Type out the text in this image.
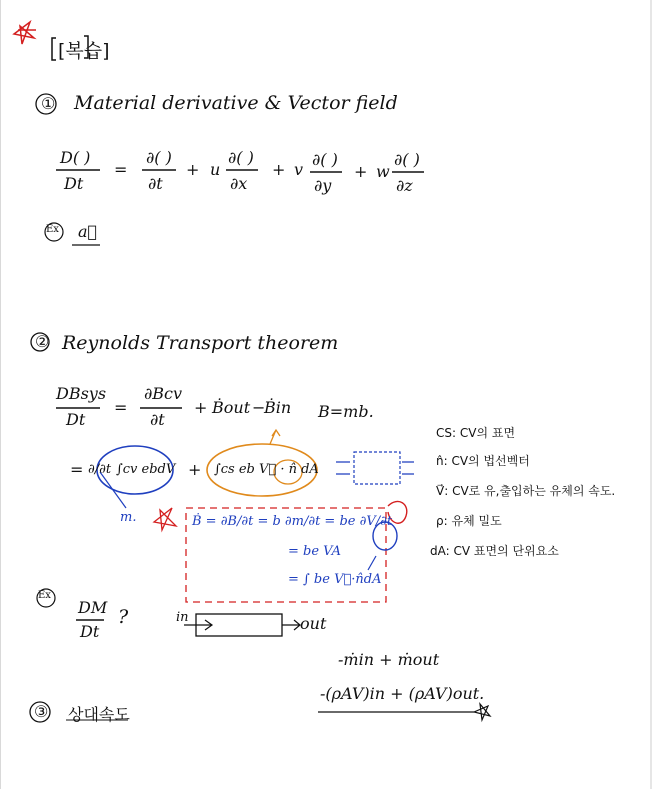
[복습]
① Material derivative & Vector field
D( )
Dt
=
∂( )
∂t
+ u
∂( )
∂x
+ v
∂( )
∂y
+ w
∂( )
∂z
Ex a⃗
② Reynolds Transport theorem
DBsys
Dt
=
∂Bcv
∂t
+ Ḃout −
Ḃin B=mb.
= ∂/∂t ∫cv ebdV + ∫cs eb V⃗ · n̂ dA
m.	Ḃ = ∂B/∂t = b ∂m/∂t = be ∂V/∂t
= be VA
= ∫ be V⃗·n̂dA
CS: CV의 표면
n̂: CV의 법선벡터
V⃗: CV로 유,출입하는 유체의 속도.
ρ: 유체 밀도
dA: CV 표면의 단위요소
Ex
DM
Dt
?	in	out
-ṁin + ṁout
-(ρAV)in + (ρAV)out.
③ 상대속도
